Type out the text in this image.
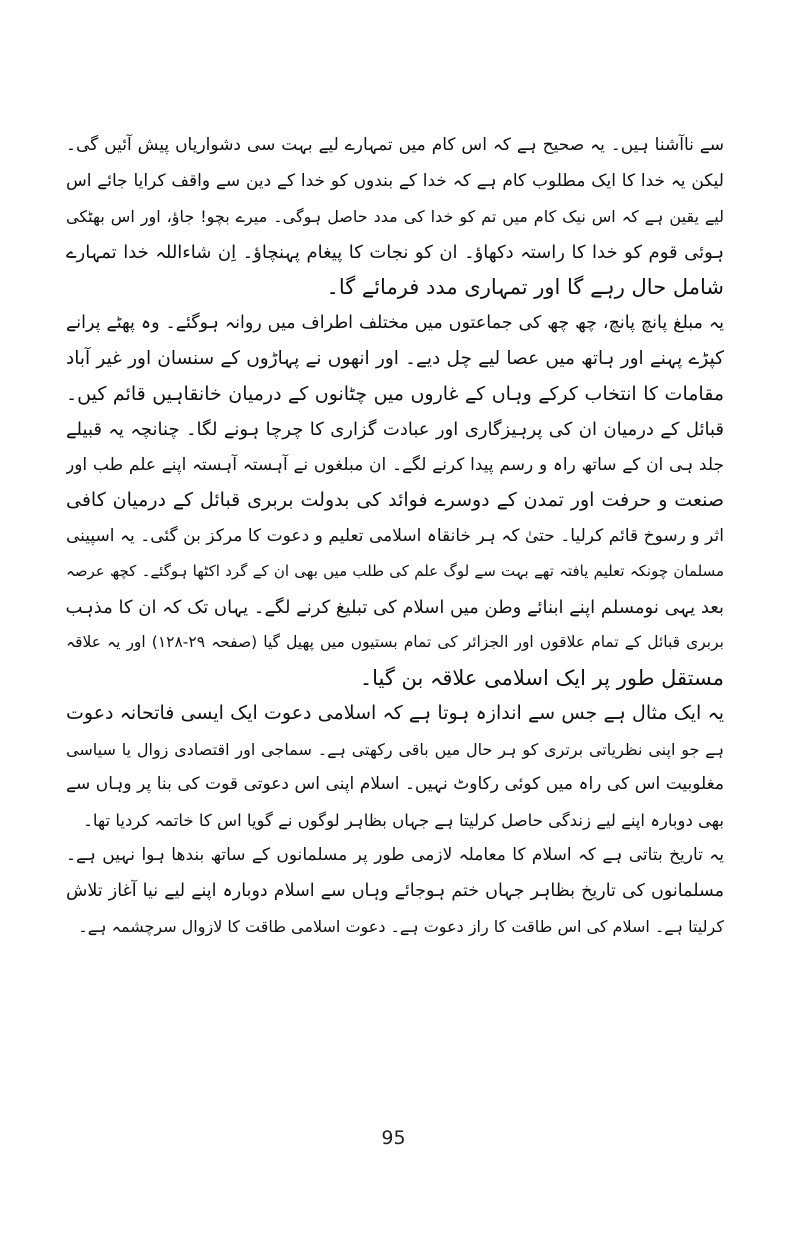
سے ناآشنا ہیں۔ یہ صحیح ہے کہ اس کام میں تمہارے لیے بہت سی دشواریاں پیش آئیں گی۔
لیکن یہ خدا کا ایک مطلوب کام ہے کہ خدا کے بندوں کو خدا کے دین سے واقف کرایا جائے اس
لیے یقین ہے کہ اس نیک کام میں تم کو خدا کی مدد حاصل ہوگی۔ میرے بچو! جاؤ، اور اس بھٹکی
ہوئی قوم کو خدا کا راستہ دکھاؤ۔ ان کو نجات کا پیغام پہنچاؤ۔ اِن شاءاللہ خدا تمہارے
شامل حال رہے گا اور تمہاری مدد فرمائے گا۔
یہ مبلغ پانچ پانچ، چھ چھ کی جماعتوں میں مختلف اطراف میں روانہ ہوگئے۔ وہ پھٹے پرانے
کپڑے پہنے اور ہاتھ میں عصا لیے چل دیے۔ اور انھوں نے پہاڑوں کے سنسان اور غیر آباد
مقامات کا انتخاب کرکے وہاں کے غاروں میں چٹانوں کے درمیان خانقاہیں قائم کیں۔
قبائل کے درمیان ان کی پرہیزگاری اور عبادت گزاری کا چرچا ہونے لگا۔ چنانچہ یہ قبیلے
جلد ہی ان کے ساتھ راہ و رسم پیدا کرنے لگے۔ ان مبلغوں نے آہستہ آہستہ اپنے علم طب اور
صنعت و حرفت اور تمدن کے دوسرے فوائد کی بدولت بربری قبائل کے درمیان کافی
اثر و رسوخ قائم کرلیا۔ حتیٰ کہ ہر خانقاہ اسلامی تعلیم و دعوت کا مرکز بن گئی۔ یہ اسپینی
مسلمان چونکہ تعلیم یافتہ تھے بہت سے لوگ علم کی طلب میں بھی ان کے گرد اکٹھا ہوگئے۔ کچھ عرصہ
بعد یہی نومسلم اپنے ابنائے وطن میں اسلام کی تبلیغ کرنے لگے۔ یہاں تک کہ ان کا مذہب
بربری قبائل کے تمام علاقوں اور الجزائر کی تمام بستیوں میں پھیل گیا (صفحہ ۲۹-۱۲۸) اور یہ علاقہ
مستقل طور پر ایک اسلامی علاقہ بن گیا۔
یہ ایک مثال ہے جس سے اندازہ ہوتا ہے کہ اسلامی دعوت ایک ایسی فاتحانہ دعوت
ہے جو اپنی نظریاتی برتری کو ہر حال میں باقی رکھتی ہے۔ سماجی اور اقتصادی زوال یا سیاسی
مغلوبیت اس کی راہ میں کوئی رکاوٹ نہیں۔ اسلام اپنی اس دعوتی قوت کی بنا پر وہاں سے
بھی دوبارہ اپنے لیے زندگی حاصل کرلیتا ہے جہاں بظاہر لوگوں نے گویا اس کا خاتمہ کردیا تھا۔
یہ تاریخ بتاتی ہے کہ اسلام کا معاملہ لازمی طور پر مسلمانوں کے ساتھ بندھا ہوا نہیں ہے۔
مسلمانوں کی تاریخ بظاہر جہاں ختم ہوجائے وہاں سے اسلام دوبارہ اپنے لیے نیا آغاز تلاش
کرلیتا ہے۔ اسلام کی اس طاقت کا راز دعوت ہے۔ دعوت اسلامی طاقت کا لازوال سرچشمہ ہے۔
95
